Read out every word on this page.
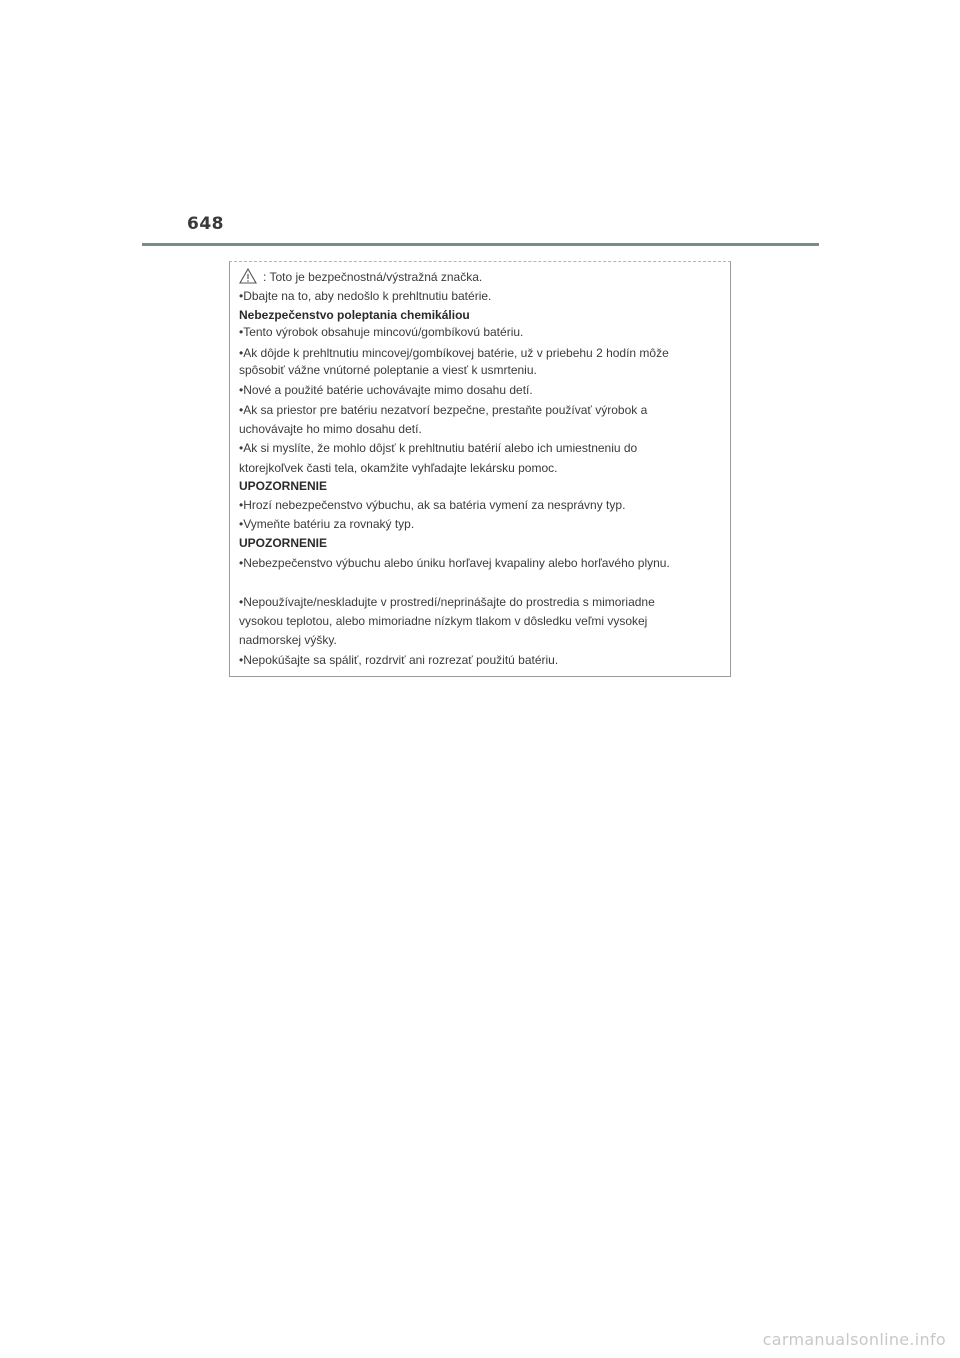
648
: Toto je bezpečnostná/výstražná značka.
•Dbajte na to, aby nedošlo k prehltnutiu batérie.
Nebezpečenstvo poleptania chemikáliou
•Tento výrobok obsahuje mincovú/gombíkovú batériu.
•Ak dôjde k prehltnutiu mincovej/gombíkovej batérie, už v priebehu 2 hodín môže
spôsobiť vážne vnútorné poleptanie a viesť k usmrteniu.
•Nové a použité batérie uchovávajte mimo dosahu detí.
•Ak sa priestor pre batériu nezatvorí bezpečne, prestaňte používať výrobok a
uchovávajte ho mimo dosahu detí.
•Ak si myslíte, že mohlo dôjsť k prehltnutiu batérií alebo ich umiestneniu do
ktorejkoľvek časti tela, okamžite vyhľadajte lekársku pomoc.
UPOZORNENIE
•Hrozí nebezpečenstvo výbuchu, ak sa batéria vymení za nesprávny typ.
•Vymeňte batériu za rovnaký typ.
UPOZORNENIE
•Nebezpečenstvo výbuchu alebo úniku horľavej kvapaliny alebo horľavého plynu.
•Nepoužívajte/neskladujte v prostredí/neprinášajte do prostredia s mimoriadne
vysokou teplotou, alebo mimoriadne nízkym tlakom v dôsledku veľmi vysokej
nadmorskej výšky.
•Nepokúšajte sa spáliť, rozdrviť ani rozrezať použitú batériu.
carmanualsonline.info
